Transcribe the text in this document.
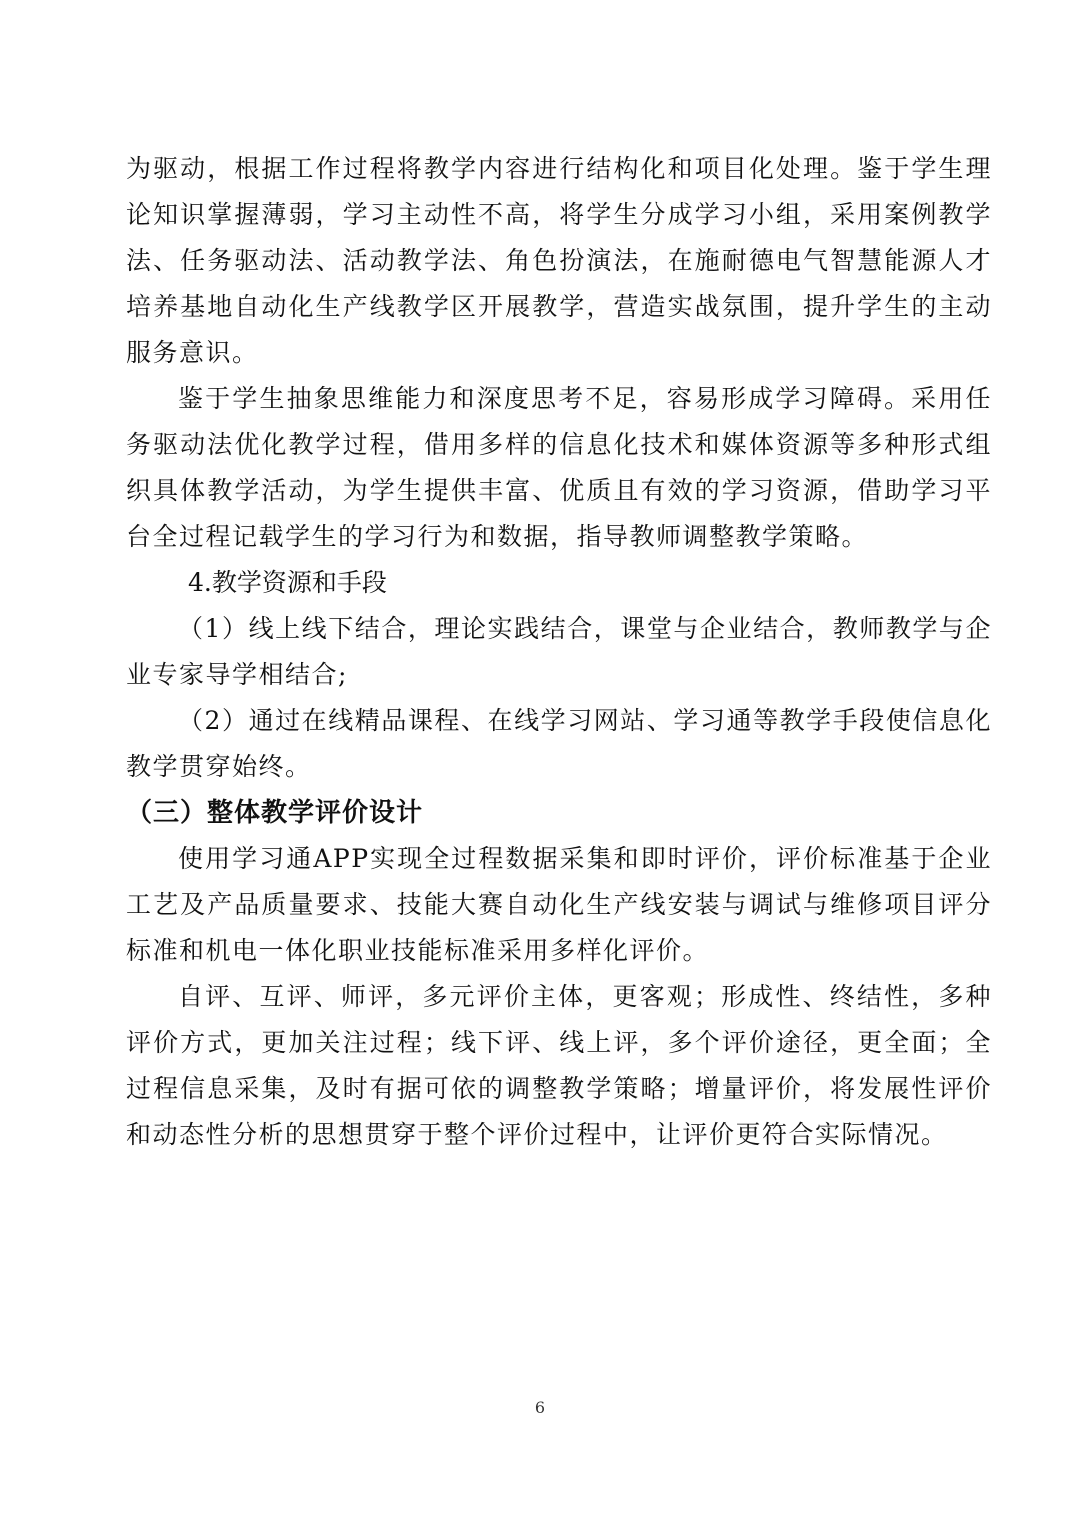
为驱动，根据工作过程将教学内容进行结构化和项目化处理。鉴于学生理论知识掌握薄弱，学习主动性不高，将学生分成学习小组，采用案例教学法、任务驱动法、活动教学法、角色扮演法，在施耐德电气智慧能源人才培养基地自动化生产线教学区开展教学，营造实战氛围，提升学生的主动服务意识。

鉴于学生抽象思维能力和深度思考不足，容易形成学习障碍。采用任务驱动法优化教学过程，借用多样的信息化技术和媒体资源等多种形式组织具体教学活动，为学生提供丰富、优质且有效的学习资源，借助学习平台全过程记载学生的学习行为和数据，指导教师调整教学策略。

4.教学资源和手段

（1）线上线下结合，理论实践结合，课堂与企业结合，教师教学与企业专家导学相结合;

（2）通过在线精品课程、在线学习网站、学习通等教学手段使信息化教学贯穿始终。

（三）整体教学评价设计

使用学习通APP实现全过程数据采集和即时评价，评价标准基于企业工艺及产品质量要求、技能大赛自动化生产线安装与调试与维修项目评分标准和机电一体化职业技能标准采用多样化评价。

自评、互评、师评，多元评价主体，更客观；形成性、终结性，多种评价方式，更加关注过程；线下评、线上评，多个评价途径，更全面；全过程信息采集，及时有据可依的调整教学策略；增量评价，将发展性评价和动态性分析的思想贯穿于整个评价过程中，让评价更符合实际情况。

6
